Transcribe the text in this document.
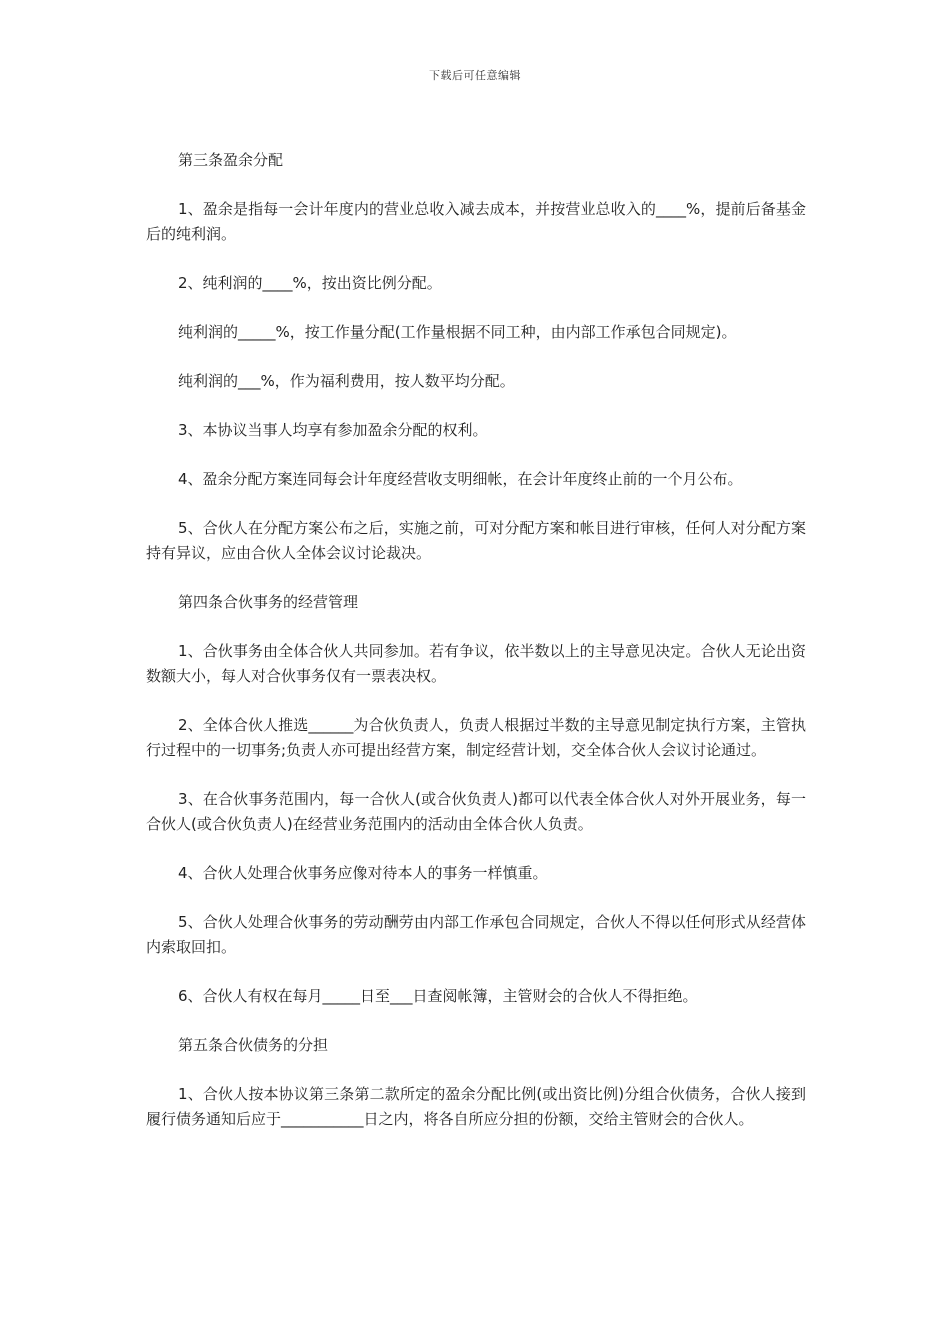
下载后可任意编辑

第三条盈余分配

1、盈余是指每一会计年度内的营业总收入减去成本，并按营业总收入的____%，提前后备基金后的纯利润。

2、纯利润的____%，按出资比例分配。

纯利润的_____%，按工作量分配(工作量根据不同工种，由内部工作承包合同规定)。

纯利润的___%，作为福利费用，按人数平均分配。

3、本协议当事人均享有参加盈余分配的权利。

4、盈余分配方案连同每会计年度经营收支明细帐，在会计年度终止前的一个月公布。

5、合伙人在分配方案公布之后，实施之前，可对分配方案和帐目进行审核，任何人对分配方案持有异议，应由合伙人全体会议讨论裁决。

第四条合伙事务的经营管理

1、合伙事务由全体合伙人共同参加。若有争议，依半数以上的主导意见决定。合伙人无论出资数额大小，每人对合伙事务仅有一票表决权。

2、全体合伙人推选______为合伙负责人，负责人根据过半数的主导意见制定执行方案，主管执行过程中的一切事务;负责人亦可提出经营方案，制定经营计划，交全体合伙人会议讨论通过。

3、在合伙事务范围内，每一合伙人(或合伙负责人)都可以代表全体合伙人对外开展业务，每一合伙人(或合伙负责人)在经营业务范围内的活动由全体合伙人负责。

4、合伙人处理合伙事务应像对待本人的事务一样慎重。

5、合伙人处理合伙事务的劳动酬劳由内部工作承包合同规定，合伙人不得以任何形式从经营体内索取回扣。

6、合伙人有权在每月_____日至___日查阅帐簿，主管财会的合伙人不得拒绝。

第五条合伙债务的分担

1、合伙人按本协议第三条第二款所定的盈余分配比例(或出资比例)分组合伙债务，合伙人接到履行债务通知后应于___________日之内，将各自所应分担的份额，交给主管财会的合伙人。
